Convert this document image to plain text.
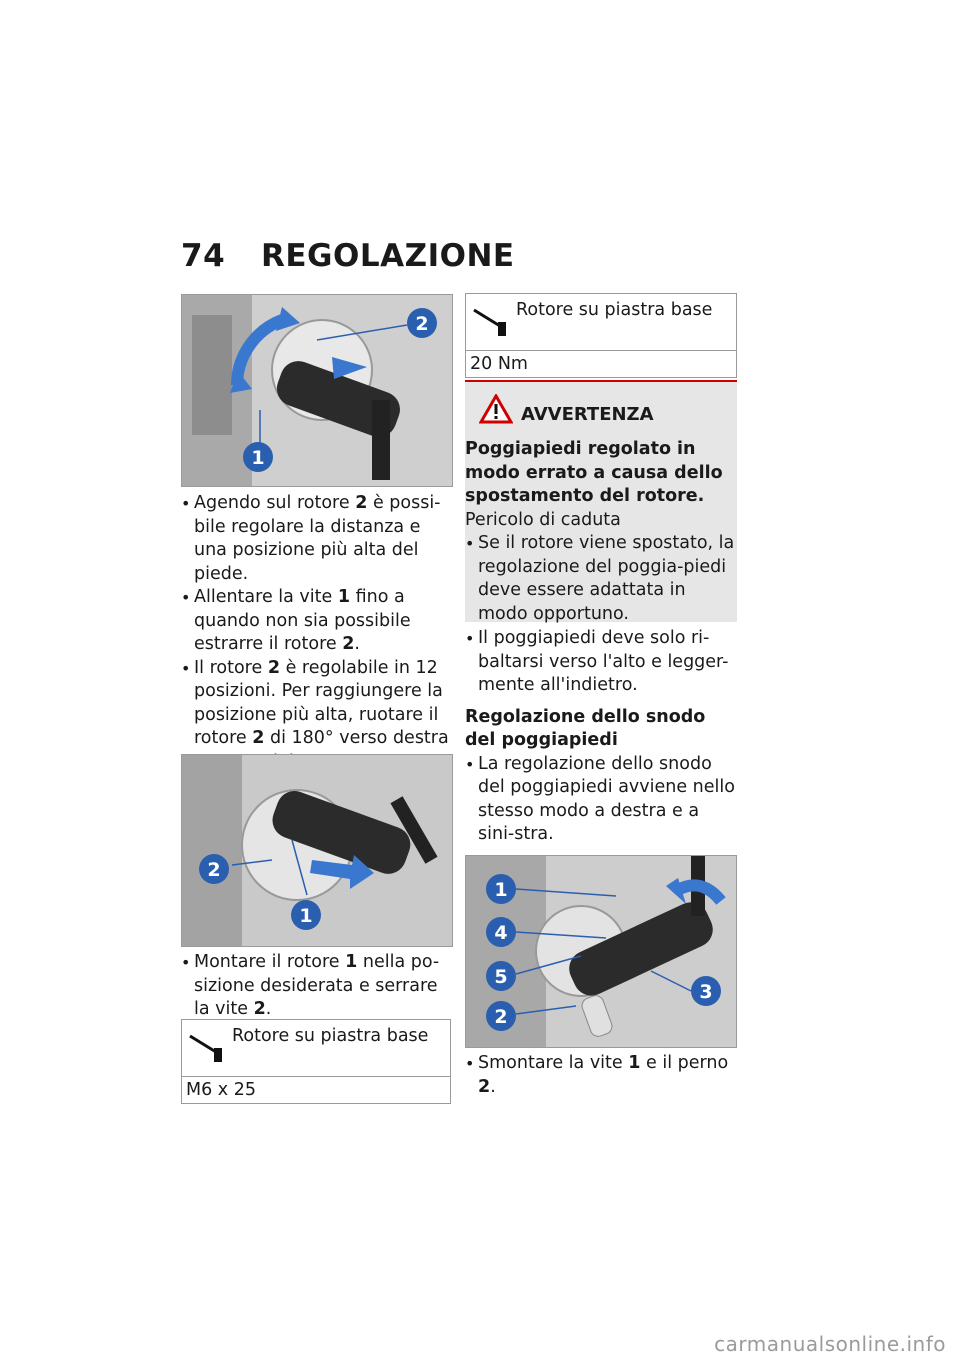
74 REGOLAZIONE
2
1
• Agendo sul rotore 2 è possi-bile regolare la distanza e una posizione più alta del piede.
• Allentare la vite 1 fino a quando non sia possibile estrarre il rotore 2.
• Il rotore 2 è regolabile in 12 posizioni. Per raggiungere la posizione più alta, ruotare il rotore 2 di 180° verso destra
2
1
• Montare il rotore 1 nella po-sizione desiderata e serrare la vite 2.
Rotore su piastra base
M6 x 25
Rotore su piastra base
20 Nm
AVVERTENZA
Poggiapiedi regolato in modo errato a causa dello spostamento del rotore.
Pericolo di caduta
• Se il rotore viene spostato, la regolazione del poggia-piedi deve essere adattata in modo opportuno.
• Il poggiapiedi deve solo ri-baltarsi verso l'alto e legger-mente all'indietro.
Regolazione dello snodo del poggiapiedi
• La regolazione dello snodo del poggiapiedi avviene nello stesso modo a destra e a sini-stra.
1
4
5
2
3
• Smontare la vite 1 e il perno 2.
carmanualsonline.info
